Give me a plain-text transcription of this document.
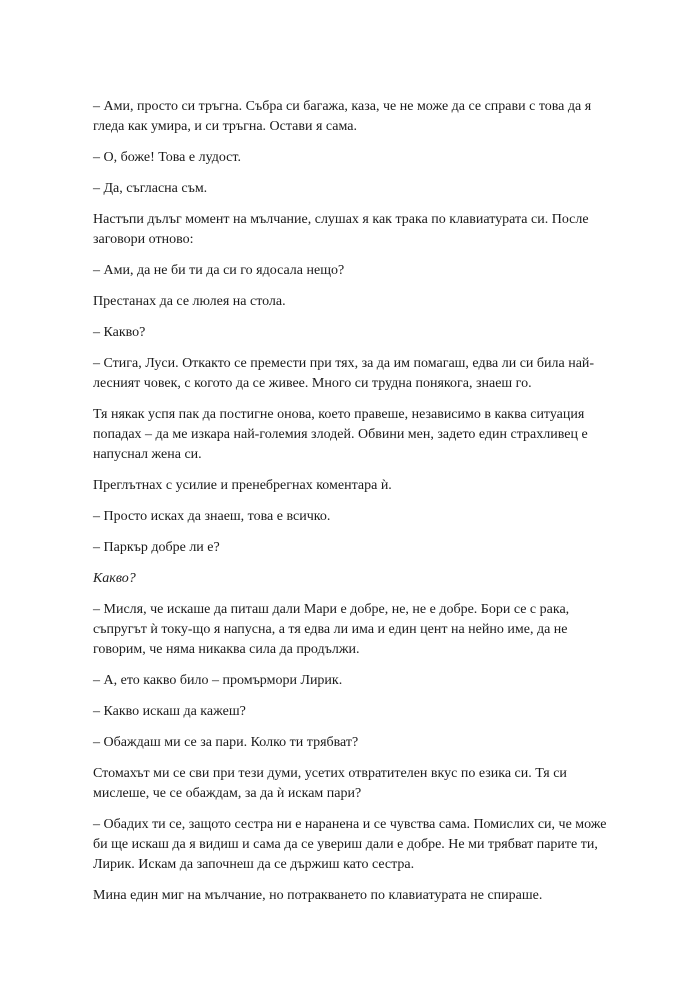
– Ами, просто си тръгна. Събра си багажа, каза, че не може да се справи с това да я гледа как умира, и си тръгна. Остави я сама.

– О, боже! Това е лудост.

– Да, съгласна съм.

Настъпи дълъг момент на мълчание, слушах я как трака по клавиатурата си. После заговори отново:

– Ами, да не би ти да си го ядосала нещо?

Престанах да се люлея на стола.

– Какво?

– Стига, Луси. Откакто се премести при тях, за да им помагаш, едва ли си била най-лесният човек, с когото да се живее. Много си трудна понякога, знаеш го.

Тя някак успя пак да постигне онова, което правеше, независимо в каква ситуация попадах – да ме изкара най-големия злодей. Обвини мен, задето един страхливец е напуснал жена си.

Преглътнах с усилие и пренебрегнах коментара ѝ.

– Просто исках да знаеш, това е всичко.

– Паркър добре ли е?

Какво?

– Мисля, че искаше да питаш дали Мари е добре, не, не е добре. Бори се с рака, съпругът ѝ току-що я напусна, а тя едва ли има и един цент на нейно име, да не говорим, че няма никаква сила да продължи.

– А, ето какво било – промърмори Лирик.

– Какво искаш да кажеш?

– Обаждаш ми се за пари. Колко ти трябват?

Стомахът ми се сви при тези думи, усетих отвратителен вкус по езика си. Тя си мислеше, че се обаждам, за да ѝ искам пари?

– Обадих ти се, защото сестра ни е наранена и се чувства сама. Помислих си, че може би ще искаш да я видиш и сама да се увериш дали е добре. Не ми трябват парите ти, Лирик. Искам да започнеш да се държиш като сестра.

Мина един миг на мълчание, но потракването по клавиатурата не спираше.
